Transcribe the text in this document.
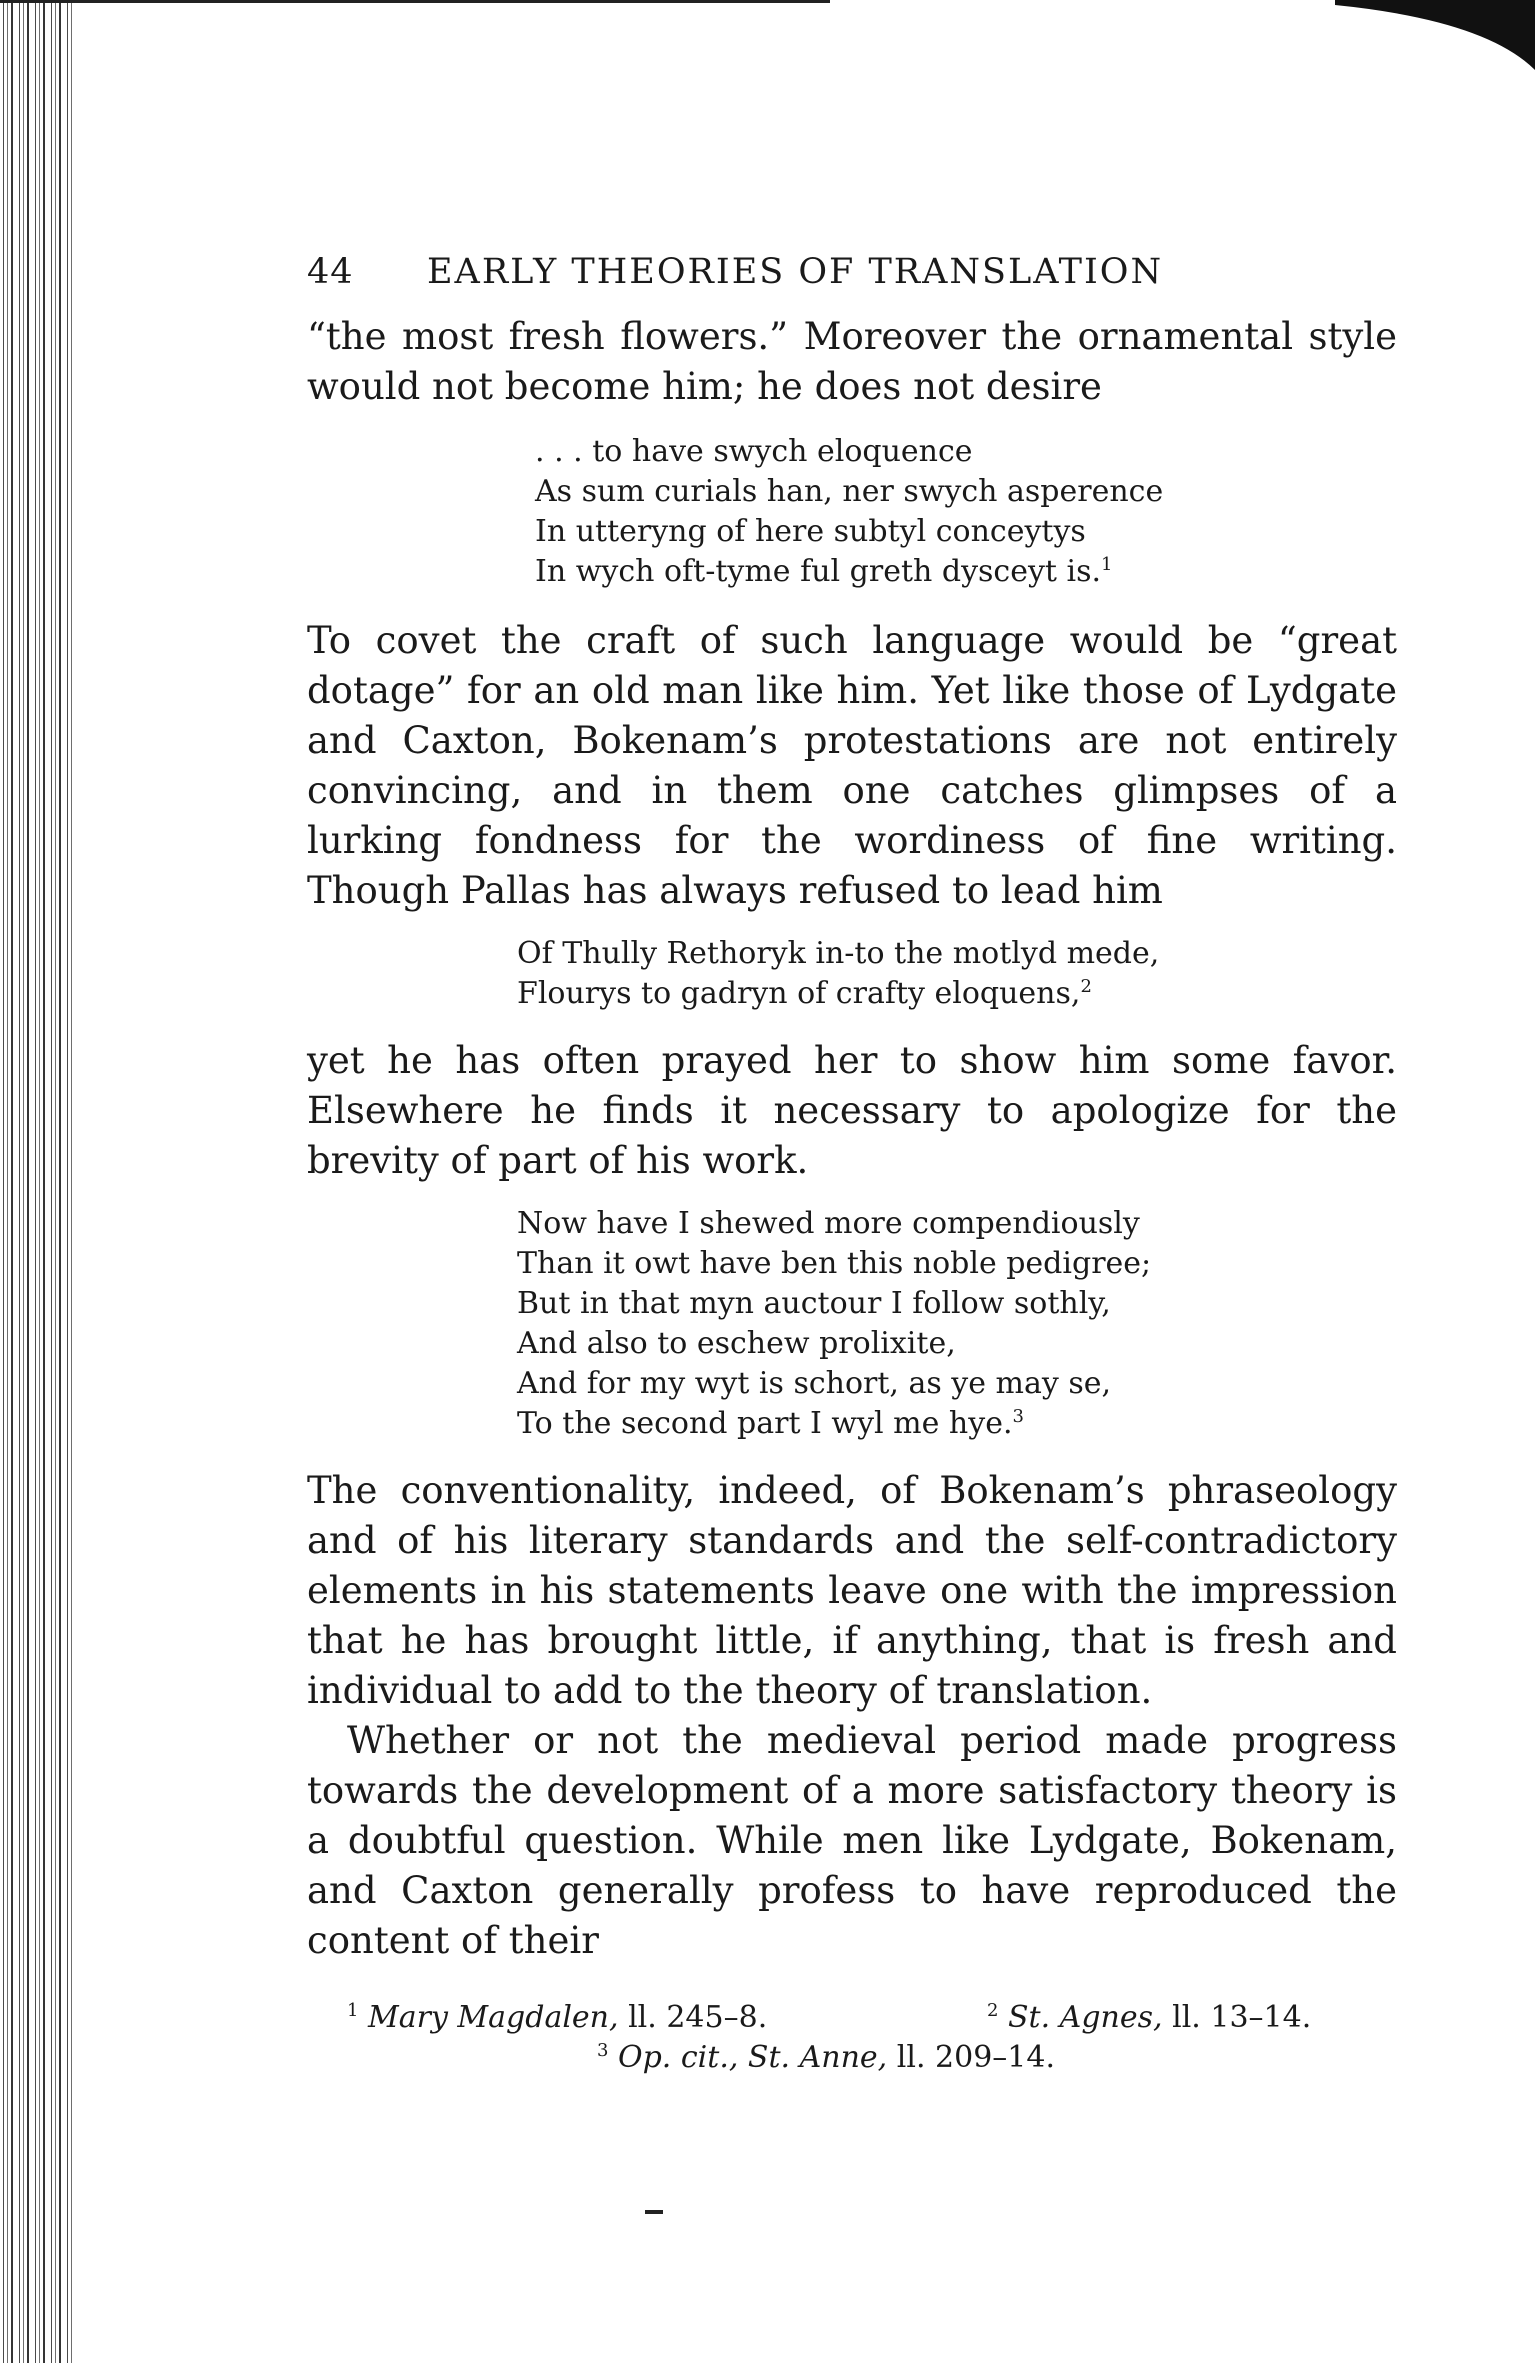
44	EARLY THEORIES OF TRANSLATION

“the most fresh flowers.” Moreover the ornamental style would not become him; he does not desire

. . . to have swych eloquence
As sum curials han, ner swych asperence
In utteryng of here subtyl conceytys
In wych oft-tyme ful greth dysceyt is.$^1$

To covet the craft of such language would be “great dotage” for an old man like him. Yet like those of Lydgate and Caxton, Bokenam’s protestations are not entirely convincing, and in them one catches glimpses of a lurking fondness for the wordiness of fine writing. Though Pallas has always refused to lead him

Of Thully Rethoryk in-to the motlyd mede,
Flourys to gadryn of crafty eloquens,$^2$

yet he has often prayed her to show him some favor. Elsewhere he finds it necessary to apologize for the brevity of part of his work.

Now have I shewed more compendiously
Than it owt have ben this noble pedigree;
But in that myn auctour I follow sothly,
And also to eschew prolixite,
And for my wyt is schort, as ye may se,
To the second part I wyl me hye.$^3$

The conventionality, indeed, of Bokenam’s phraseology and of his literary standards and the self-contradictory elements in his statements leave one with the impression that he has brought little, if anything, that is fresh and individual to add to the theory of translation.

Whether or not the medieval period made progress towards the development of a more satisfactory theory is a doubtful question. While men like Lydgate, Bokenam, and Caxton generally profess to have reproduced the content of their

$^1$ Mary Magdalen, ll. 245–8.	$^2$ St. Agnes, ll. 13–14.
$^3$ Op. cit., St. Anne, ll. 209–14.
